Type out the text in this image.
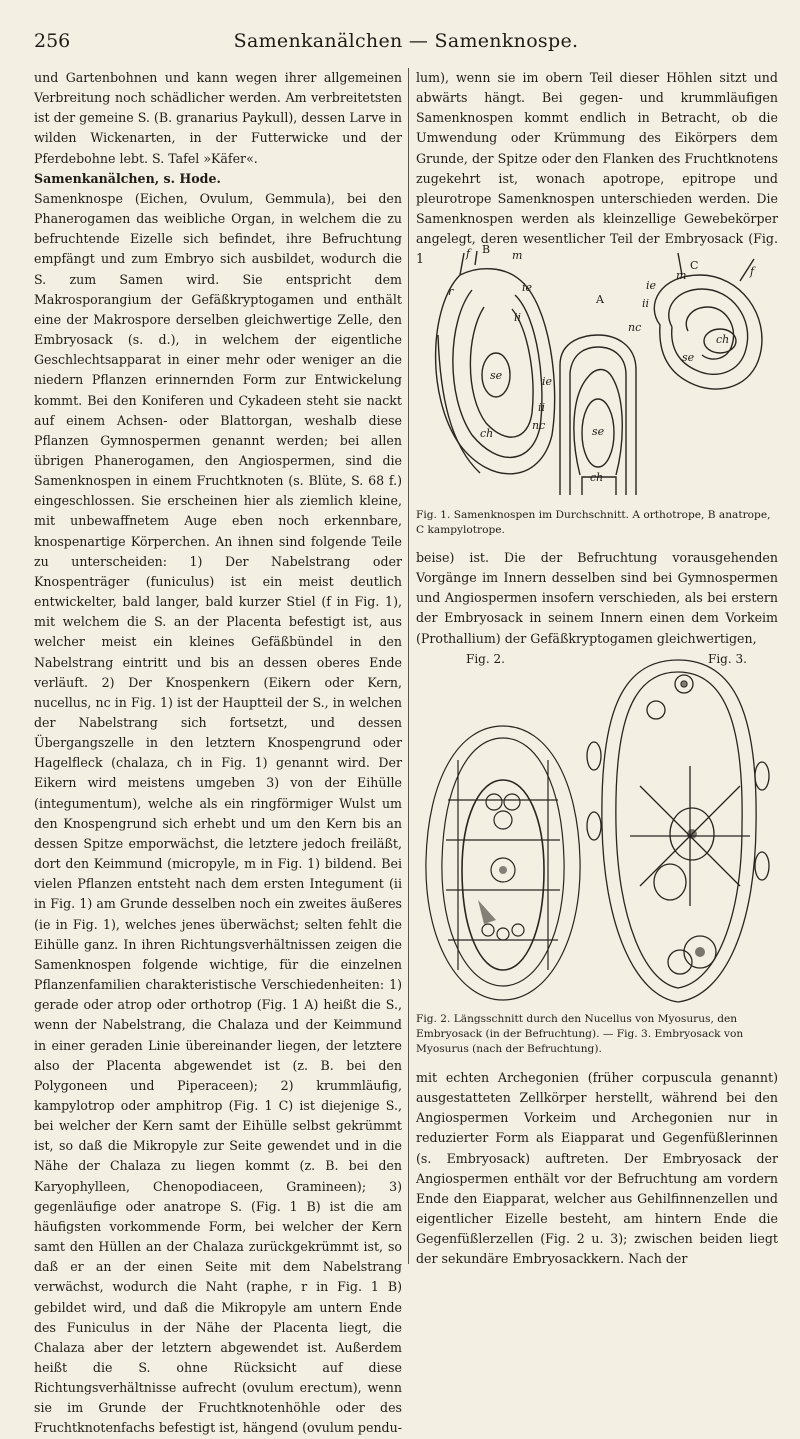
256	Samenkanälchen — Samenknospe.

und Gartenbohnen und kann wegen ihrer allgemeinen Verbreitung noch schädlicher werden. Am verbreitetsten ist der gemeine S. (B. granarius Paykull), dessen Larve in wilden Wickenarten, in der Futterwicke und der Pferdebohne lebt. S. Tafel »Käfer«.

Samenkanälchen, s. Hode.

Samenknospe (Eichen, Ovulum, Gemmula), bei den Phanerogamen das weibliche Organ, in welchem die zu befruchtende Eizelle sich befindet, ihre Befruchtung empfängt und zum Embryo sich ausbildet, wodurch die S. zum Samen wird. Sie entspricht dem Makrosporangium der Gefäßkryptogamen und enthält eine der Makrospore derselben gleichwertige Zelle, den Embryosack (s. d.), in welchem der eigentliche Geschlechtsapparat in einer mehr oder weniger an die niedern Pflanzen erinnernden Form zur Entwickelung kommt. Bei den Koniferen und Cykadeen steht sie nackt auf einem Achsen- oder Blattorgan, weshalb diese Pflanzen Gymnospermen genannt werden; bei allen übrigen Phanerogamen, den Angiospermen, sind die Samenknospen in einem Fruchtknoten (s. Blüte, S. 68 f.) eingeschlossen. Sie erscheinen hier als ziemlich kleine, mit unbewaffnetem Auge eben noch erkennbare, knospenartige Körperchen. An ihnen sind folgende Teile zu unterscheiden: 1) Der Nabelstrang oder Knospenträger (funiculus) ist ein meist deutlich entwickelter, bald langer, bald kurzer Stiel (f in Fig. 1), mit welchem die S. an der Placenta befestigt ist, aus welcher meist ein kleines Gefäßbündel in den Nabelstrang eintritt und bis an dessen oberes Ende verläuft. 2) Der Knospenkern (Eikern oder Kern, nucellus, nc in Fig. 1) ist der Hauptteil der S., in welchen der Nabelstrang sich fortsetzt, und dessen Übergangszelle in den letztern Knospengrund oder Hagelfleck (chalaza, ch in Fig. 1) genannt wird. Der Eikern wird meistens umgeben 3) von der Eihülle (integumentum), welche als ein ringförmiger Wulst um den Knospengrund sich erhebt und um den Kern bis an dessen Spitze emporwächst, die letztere jedoch freiläßt, dort den Keimmund (micropyle, m in Fig. 1) bildend. Bei vielen Pflanzen entsteht nach dem ersten Integument (ii in Fig. 1) am Grunde desselben noch ein zweites äußeres (ie in Fig. 1), welches jenes überwächst; selten fehlt die Eihülle ganz. In ihren Richtungsverhältnissen zeigen die Samenknospen folgende wichtige, für die einzelnen Pflanzenfamilien charakteristische Verschiedenheiten: 1) gerade oder atrop oder orthotrop (Fig. 1 A) heißt die S., wenn der Nabelstrang, die Chalaza und der Keimmund in einer geraden Linie übereinander liegen, der letztere also der Placenta abgewendet ist (z. B. bei den Polygoneen und Piperaceen); 2) krummläufig, kampylotrop oder amphitrop (Fig. 1 C) ist diejenige S., bei welcher der Kern samt der Eihülle selbst gekrümmt ist, so daß die Mikropyle zur Seite gewendet und in die Nähe der Chalaza zu liegen kommt (z. B. bei den Karyophylleen, Chenopodiaceen, Gramineen); 3) gegenläufige oder anatrope S. (Fig. 1 B) ist die am häufigsten vorkommende Form, bei welcher der Kern samt den Hüllen an der Chalaza zurückgekrümmt ist, so daß er an der einen Seite mit dem Nabelstrang verwächst, wodurch die Naht (raphe, r in Fig. 1 B) gebildet wird, und daß die Mikropyle am untern Ende des Funiculus in der Nähe der Placenta liegt, die Chalaza aber der letztern abgewendet ist. Außerdem heißt die S. ohne Rücksicht auf diese Richtungsverhältnisse aufrecht (ovulum erectum), wenn sie im Grunde der Fruchtknotenhöhle oder des Fruchtknotenfachs befestigt ist, hängend (ovulum pendu-

lum), wenn sie im obern Teil dieser Höhlen sitzt und abwärts hängt. Bei gegen- und krummläufigen Samenknospen kommt endlich in Betracht, ob die Umwendung oder Krümmung des Eikörpers dem Grunde, der Spitze oder den Flanken des Fruchtknotens zugekehrt ist, wonach apotrope, epitrope und pleurotrope Samenknospen unterschieden werden. Die Samenknospen werden als kleinzellige Gewebekörper angelegt, deren wesentlicher Teil der Embryosack (Fig. 1	f B m
ie
ii
se
ch
r
A
ie
ii
nc	se
ch
C
m	f
ie
ii
nc
ch
se
Fig. 1. Samenknospen im Durchschnitt. A orthotrope, B anatrope, C kampylotrope.

beise) ist. Die der Befruchtung vorausgehenden Vorgänge im Innern desselben sind bei Gymnospermen und Angiospermen insofern verschieden, als bei erstern der Embryosack in seinem Innern einen dem Vorkeim (Prothallium) der Gefäßkryptogamen gleichwertigen,

Fig. 2.	Fig. 3.
Fig. 2. Längsschnitt durch den Nucellus von Myosurus, den Embryosack (in der Befruchtung). — Fig. 3. Embryosack von Myosurus (nach der Befruchtung).

mit echten Archegonien (früher corpuscula genannt) ausgestatteten Zellkörper herstellt, während bei den Angiospermen Vorkeim und Archegonien nur in reduzierter Form als Eiapparat und Gegenfüßlerinnen (s. Embryosack) auftreten. Der Embryosack der Angiospermen enthält vor der Befruchtung am vordern Ende den Eiapparat, welcher aus Gehilfinnenzellen und eigentlicher Eizelle besteht, am hintern Ende die Gegenfüßlerzellen (Fig. 2 u. 3); zwischen beiden liegt der sekundäre Embryosackkern. Nach der
